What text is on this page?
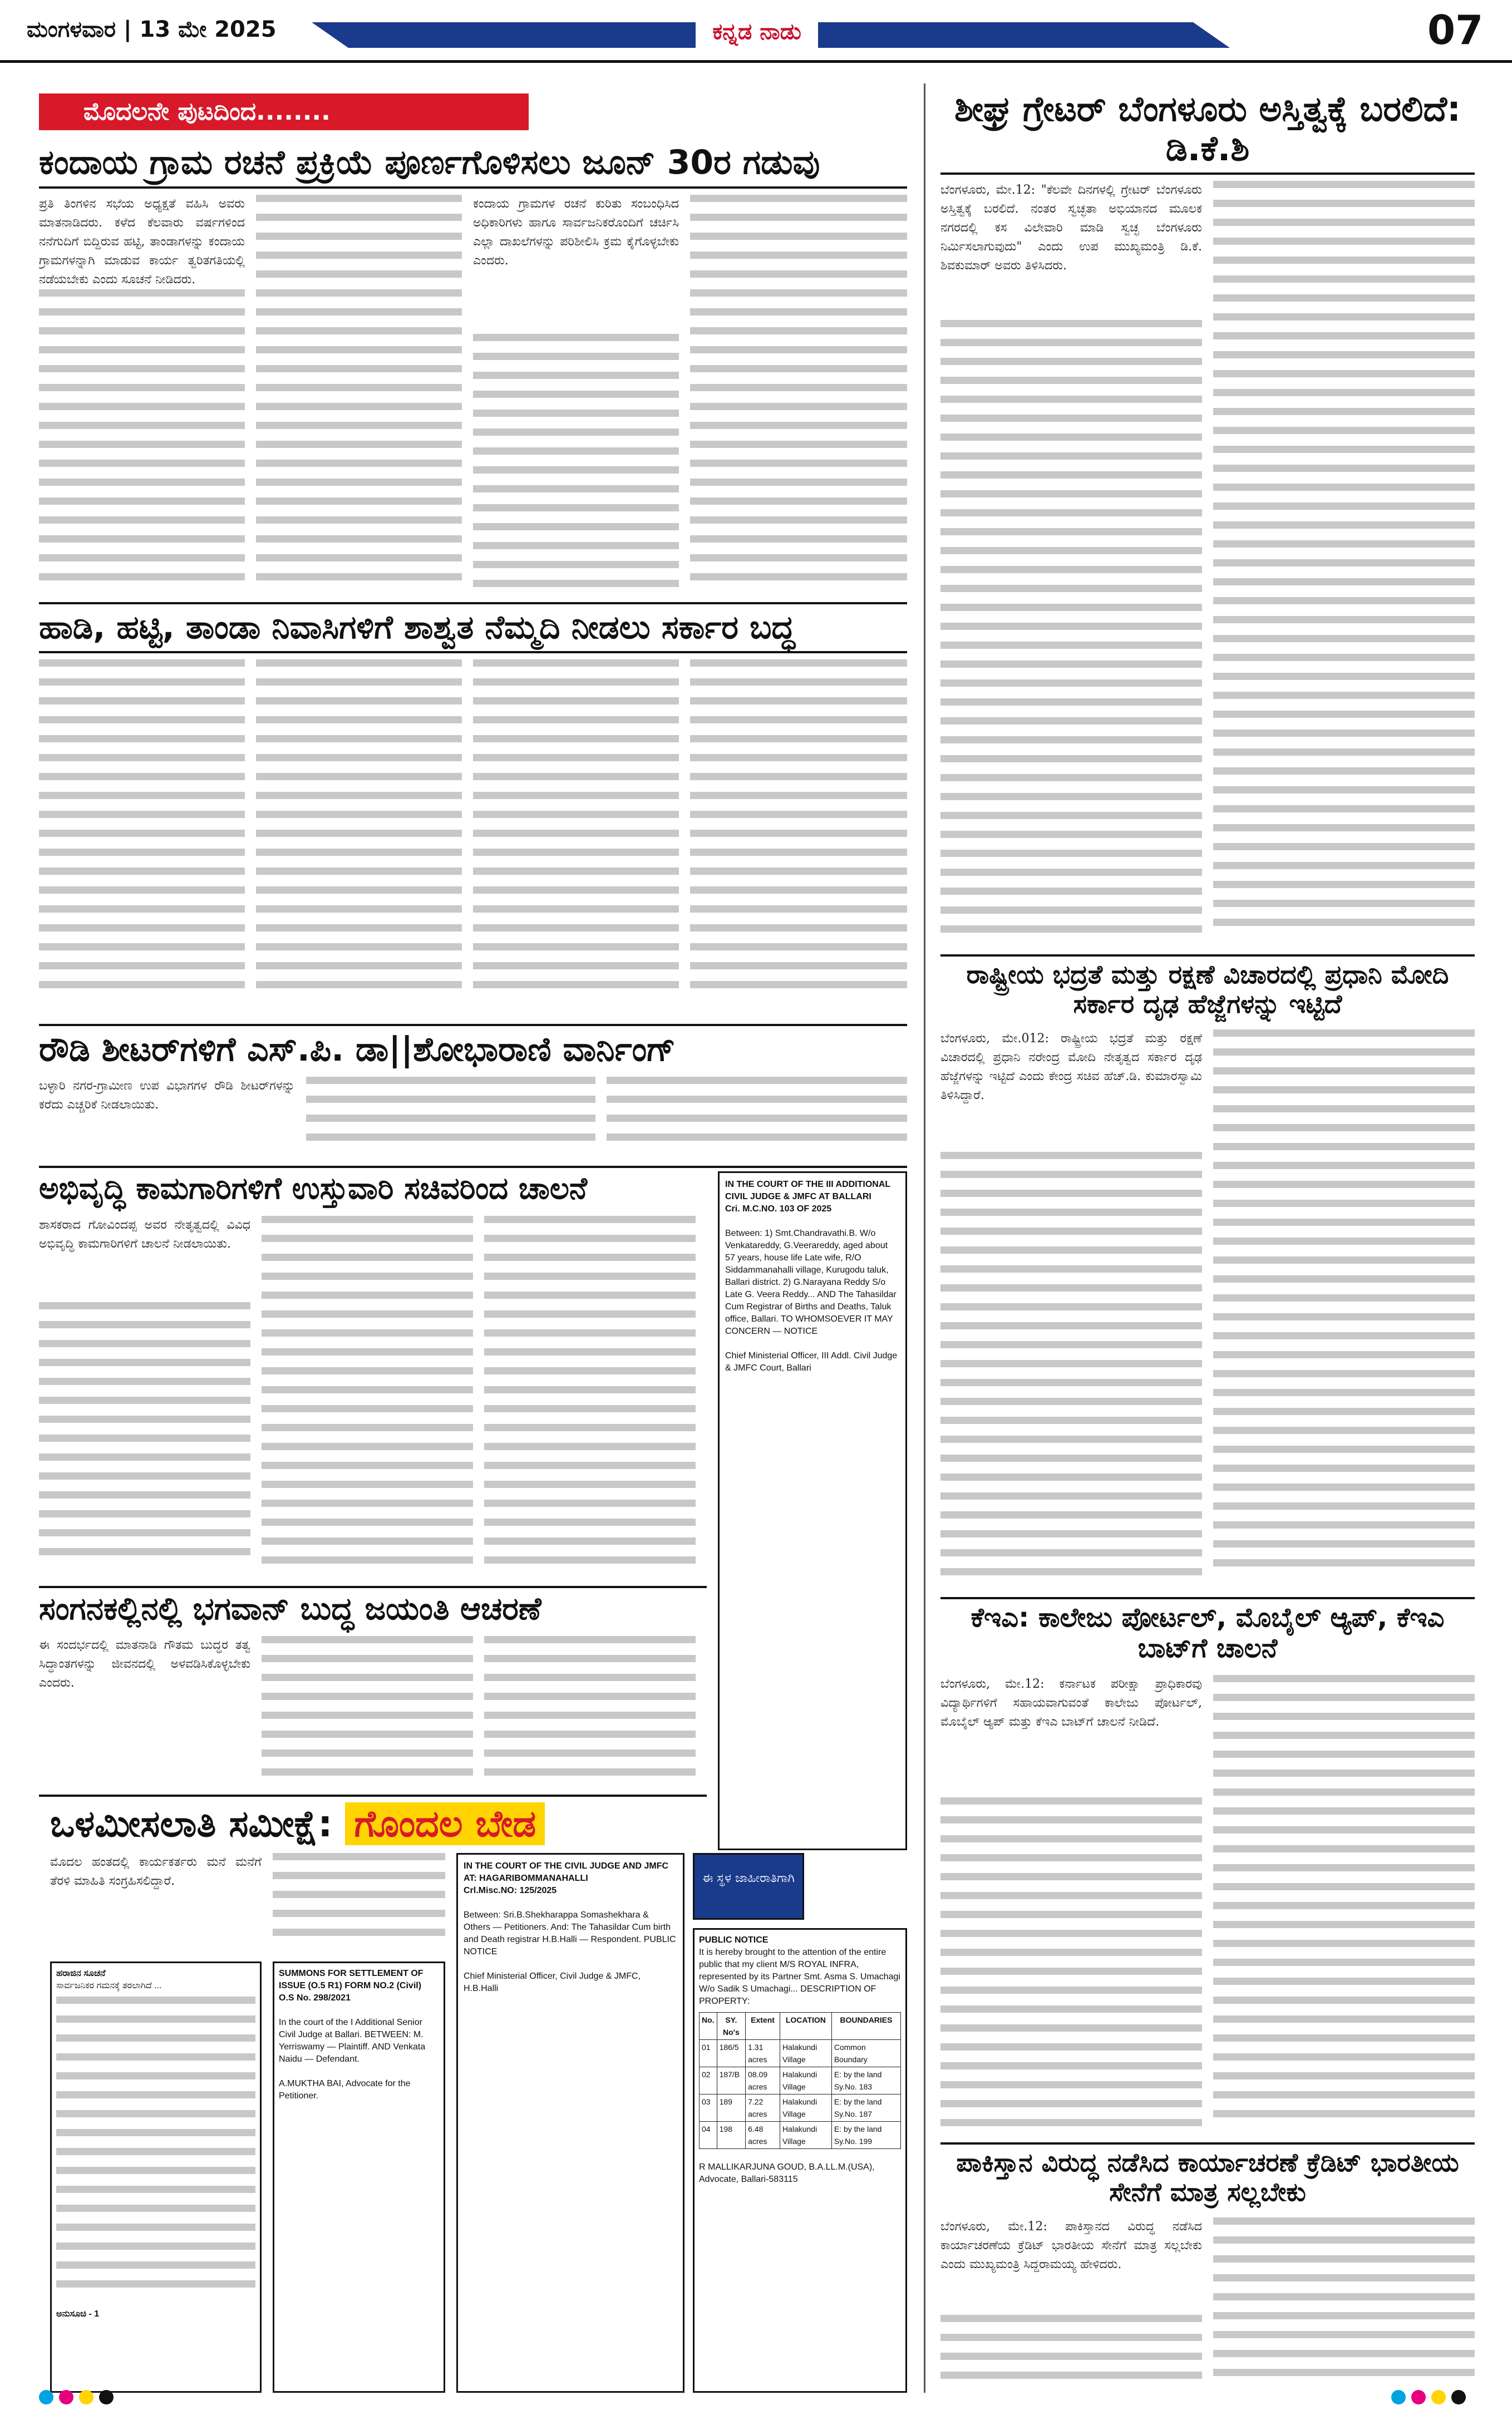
ಮಂಗಳವಾರ | 13 ಮೇ 2025	ಕನ್ನಡ ನಾಡು	07
ಮೊದಲನೇ ಪುಟದಿಂದ........
ಕಂದಾಯ ಗ್ರಾಮ ರಚನೆ ಪ್ರಕ್ರಿಯೆ ಪೂರ್ಣಗೊಳಿಸಲು ಜೂನ್ 30ರ ಗಡುವು
ಪ್ರತಿ ತಿಂಗಳಿನ ಸಭೆಯ ಅಧ್ಯಕ್ಷತೆ ವಹಿಸಿ ಅವರು ಮಾತನಾಡಿದರು. ಕಳೆದ ಕೆಲವಾರು ವರ್ಷಗಳಿಂದ ನನೆಗುದಿಗೆ ಬಿದ್ದಿರುವ ಹಟ್ಟಿ, ತಾಂಡಾಗಳನ್ನು ಕಂದಾಯ ಗ್ರಾಮಗಳನ್ನಾಗಿ ಮಾಡುವ ಕಾರ್ಯ ತ್ವರಿತಗತಿಯಲ್ಲಿ ನಡೆಯಬೇಕು ಎಂದು ಸೂಚನೆ ನೀಡಿದರು.
ಕಂದಾಯ ಗ್ರಾಮಗಳ ರಚನೆ ಕುರಿತು ಸಂಬಂಧಿಸಿದ ಅಧಿಕಾರಿಗಳು ಹಾಗೂ ಸಾರ್ವಜನಿಕರೊಂದಿಗೆ ಚರ್ಚಿಸಿ ಎಲ್ಲಾ ದಾಖಲೆಗಳನ್ನು ಪರಿಶೀಲಿಸಿ ಕ್ರಮ ಕೈಗೊಳ್ಳಬೇಕು ಎಂದರು.
ಹಾಡಿ, ಹಟ್ಟಿ, ತಾಂಡಾ ನಿವಾಸಿಗಳಿಗೆ ಶಾಶ್ವತ ನೆಮ್ಮದಿ ನೀಡಲು ಸರ್ಕಾರ ಬದ್ಧ
ರೌಡಿ ಶೀಟರ್‌ಗಳಿಗೆ ಎಸ್.ಪಿ. ಡಾ||ಶೋಭಾರಾಣಿ ವಾರ್ನಿಂಗ್
ಬಳ್ಳಾರಿ ನಗರ-ಗ್ರಾಮೀಣ ಉಪ ವಿಭಾಗಗಳ ರೌಡಿ ಶೀಟರ್‌ಗಳನ್ನು ಕರೆದು ಎಚ್ಚರಿಕೆ ನೀಡಲಾಯಿತು.
ಅಭಿವೃದ್ಧಿ ಕಾಮಗಾರಿಗಳಿಗೆ ಉಸ್ತುವಾರಿ ಸಚಿವರಿಂದ ಚಾಲನೆ
ಶಾಸಕರಾದ ಗೋವಿಂದಪ್ಪ ಅವರ ನೇತೃತ್ವದಲ್ಲಿ ವಿವಿಧ ಅಭಿವೃದ್ಧಿ ಕಾಮಗಾರಿಗಳಿಗೆ ಚಾಲನೆ ನೀಡಲಾಯಿತು.
IN THE COURT OF THE III ADDITIONAL CIVIL JUDGE & JMFC AT BALLARI
Cri. M.C.NO. 103 OF 2025

Between: 1) Smt.Chandravathi.B. W/o Venkatareddy, G.Veerareddy, aged about 57 years, house life Late wife, R/O Siddammanahalli village, Kurugodu taluk, Ballari district. 2) G.Narayana Reddy S/o Late G. Veera Reddy... AND The Tahasildar Cum Registrar of Births and Deaths, Taluk office, Ballari. TO WHOMSOEVER IT MAY CONCERN — NOTICE

Chief Ministerial Officer, III Addl. Civil Judge & JMFC Court, Ballari
ಸಂಗನಕಲ್ಲಿನಲ್ಲಿ ಭಗವಾನ್ ಬುದ್ಧ ಜಯಂತಿ ಆಚರಣೆ
ಈ ಸಂದರ್ಭದಲ್ಲಿ ಮಾತನಾಡಿ ಗೌತಮ ಬುದ್ಧರ ತತ್ವ ಸಿದ್ಧಾಂತಗಳನ್ನು ಜೀವನದಲ್ಲಿ ಅಳವಡಿಸಿಕೊಳ್ಳಬೇಕು ಎಂದರು.
ಒಳಮೀಸಲಾತಿ ಸಮೀಕ್ಷೆ: ಗೊಂದಲ ಬೇಡ
ಮೊದಲ ಹಂತದಲ್ಲಿ ಕಾರ್ಯಕರ್ತರು ಮನೆ ಮನೆಗೆ ತೆರಳಿ ಮಾಹಿತಿ ಸಂಗ್ರಹಿಸಲಿದ್ದಾರೆ.
IN THE COURT OF THE CIVIL JUDGE AND JMFC AT: HAGARIBOMMANAHALLI
Crl.Misc.NO: 125/2025

Between: Sri.B.Shekharappa Somashekhara & Others — Petitioners. And: The Tahasildar Cum birth and Death registrar H.B.Halli — Respondent. PUBLIC NOTICE

Chief Ministerial Officer, Civil Judge & JMFC, H.B.Halli
ಈ ಸ್ಥಳ ಜಾಹೀರಾತಿಗಾಗಿ
PUBLIC NOTICE
It is hereby brought to the attention of the entire public that my client M/S ROYAL INFRA, represented by its Partner Smt. Asma S. Umachagi W/o Sadik S Umachagi... DESCRIPTION OF PROPERTY:
No.	SY. No's	Extent	LOCATION	BOUNDARIES
01	186/5	1.31 acres	Halakundi Village	Common Boundary
02	187/B	08.09 acres	Halakundi Village	E: by the land Sy.No. 183
03	189	7.22 acres	Halakundi Village	E: by the land Sy.No. 187
04	198	6.48 acres	Halakundi Village	E: by the land Sy.No. 199

R MALLIKARJUNA GOUD, B.A.LL.M.(USA), Advocate, Ballari-583115
ಹರಾಜಿನ ಸೂಚನೆ
ಸಾರ್ವಜನಿಕರ ಗಮನಕ್ಕೆ ತರಲಾಗಿದೆ ...

ಅನುಸೂಚಿ - 1
SUMMONS FOR SETTLEMENT OF ISSUE (O.5 R1) FORM NO.2 (Civil)
O.S No. 298/2021

In the court of the I Additional Senior Civil Judge at Ballari. BETWEEN: M. Yerriswamy — Plaintiff. AND Venkata Naidu — Defendant.

A.MUKTHA BAI, Advocate for the Petitioner.
ಶೀಘ್ರ ಗ್ರೇಟರ್ ಬೆಂಗಳೂರು ಅಸ್ತಿತ್ವಕ್ಕೆ ಬರಲಿದೆ: ಡಿ.ಕೆ.ಶಿ
ಬೆಂಗಳೂರು, ಮೇ.12: "ಕೆಲವೇ ದಿನಗಳಲ್ಲಿ ಗ್ರೇಟರ್ ಬೆಂಗಳೂರು ಅಸ್ತಿತ್ವಕ್ಕೆ ಬರಲಿದೆ. ನಂತರ ಸ್ವಚ್ಛತಾ ಅಭಿಯಾನದ ಮೂಲಕ ನಗರದಲ್ಲಿ ಕಸ ವಿಲೇವಾರಿ ಮಾಡಿ ಸ್ವಚ್ಛ ಬೆಂಗಳೂರು ನಿರ್ಮಿಸಲಾಗುವುದು" ಎಂದು ಉಪ ಮುಖ್ಯಮಂತ್ರಿ ಡಿ.ಕೆ. ಶಿವಕುಮಾರ್ ಅವರು ತಿಳಿಸಿದರು.
ರಾಷ್ಟ್ರೀಯ ಭದ್ರತೆ ಮತ್ತು ರಕ್ಷಣೆ ವಿಚಾರದಲ್ಲಿ ಪ್ರಧಾನಿ ಮೋದಿ ಸರ್ಕಾರ ದೃಢ ಹೆಜ್ಜೆಗಳನ್ನು ಇಟ್ಟಿದೆ
ಬೆಂಗಳೂರು, ಮೇ.012: ರಾಷ್ಟ್ರೀಯ ಭದ್ರತೆ ಮತ್ತು ರಕ್ಷಣೆ ವಿಚಾರದಲ್ಲಿ ಪ್ರಧಾನಿ ನರೇಂದ್ರ ಮೋದಿ ನೇತೃತ್ವದ ಸರ್ಕಾರ ದೃಢ ಹೆಜ್ಜೆಗಳನ್ನು ಇಟ್ಟಿದೆ ಎಂದು ಕೇಂದ್ರ ಸಚಿವ ಹೆಚ್.ಡಿ. ಕುಮಾರಸ್ವಾಮಿ ತಿಳಿಸಿದ್ದಾರೆ.
ಕೆಇಎ: ಕಾಲೇಜು ಪೋರ್ಟಲ್, ಮೊಬೈಲ್ ಆ್ಯಪ್, ಕೆಇಎ ಬಾಟ್‌ಗೆ ಚಾಲನೆ
ಬೆಂಗಳೂರು, ಮೇ.12: ಕರ್ನಾಟಕ ಪರೀಕ್ಷಾ ಪ್ರಾಧಿಕಾರವು ವಿದ್ಯಾರ್ಥಿಗಳಿಗೆ ಸಹಾಯವಾಗುವಂತೆ ಕಾಲೇಜು ಪೋರ್ಟಲ್, ಮೊಬೈಲ್ ಆ್ಯಪ್ ಮತ್ತು ಕೆಇಎ ಬಾಟ್‌ಗೆ ಚಾಲನೆ ನೀಡಿದೆ.
ಪಾಕಿಸ್ತಾನ ವಿರುದ್ಧ ನಡೆಸಿದ ಕಾರ್ಯಾಚರಣೆ ಕ್ರೆಡಿಟ್ ಭಾರತೀಯ ಸೇನೆಗೆ ಮಾತ್ರ ಸಲ್ಲಬೇಕು
ಬೆಂಗಳೂರು, ಮೇ.12: ಪಾಕಿಸ್ತಾನದ ವಿರುದ್ಧ ನಡೆಸಿದ ಕಾರ್ಯಾಚರಣೆಯ ಕ್ರೆಡಿಟ್ ಭಾರತೀಯ ಸೇನೆಗೆ ಮಾತ್ರ ಸಲ್ಲಬೇಕು ಎಂದು ಮುಖ್ಯಮಂತ್ರಿ ಸಿದ್ದರಾಮಯ್ಯ ಹೇಳಿದರು.
